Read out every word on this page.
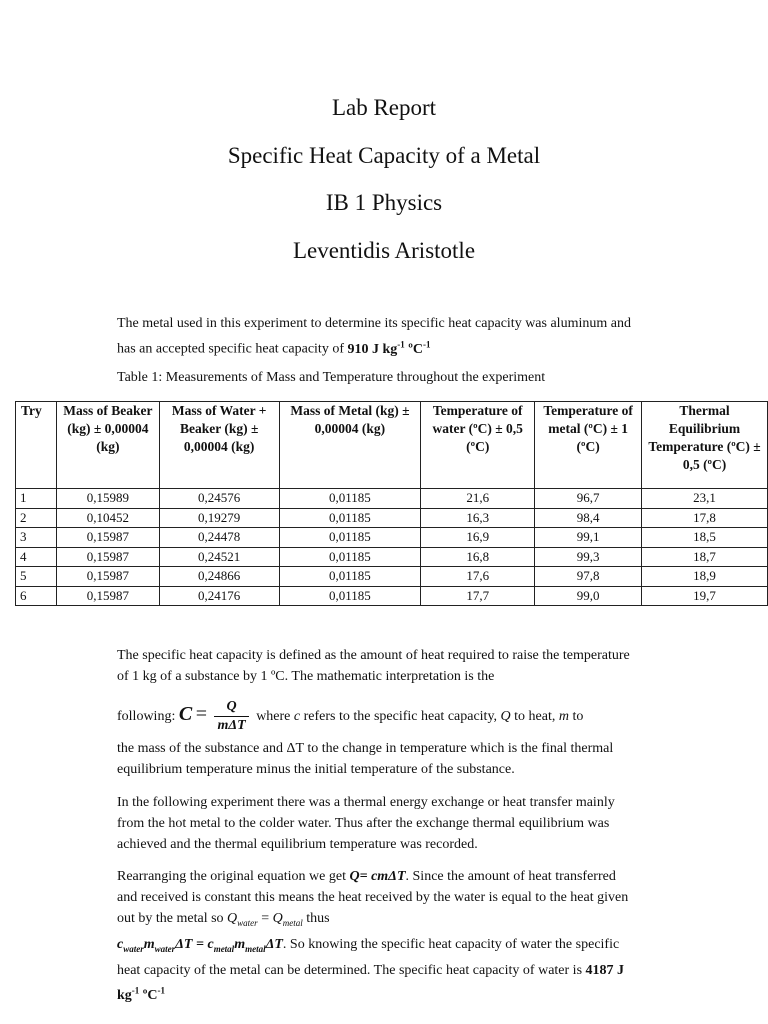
Lab Report
Specific Heat Capacity of a Metal
IB 1 Physics
Leventidis Aristotle
The metal used in this experiment to determine its specific heat capacity was aluminum and has an accepted specific heat capacity of 910 J $kg^{-1}$ ºC$^{-1}$
Table 1: Measurements of Mass and Temperature throughout the experiment
Try	Mass of Beaker (kg) ± 0,00004 (kg)	Mass of Water + Beaker (kg) ± 0,00004 (kg)	Mass of Metal (kg) ± 0,00004 (kg)	Temperature of water (ºC) ± 0,5 (ºC)	Temperature of metal (ºC) ± 1 (ºC)	Thermal Equilibrium Temperature (ºC) ± 0,5 (ºC)
1	0,15989	0,24576	0,01185	21,6	96,7	23,1
2	0,10452	0,19279	0,01185	16,3	98,4	17,8
3	0,15987	0,24478	0,01185	16,9	99,1	18,5
4	0,15987	0,24521	0,01185	16,8	99,3	18,7
5	0,15987	0,24866	0,01185	17,6	97,8	18,9
6	0,15987	0,24176	0,01185	17,7	99,0	19,7
The specific heat capacity is defined as the amount of heat required to raise the temperature of 1 kg of a substance by 1 ºC. The mathematic interpretation is the
following: $C = \frac{Q}{\text{mΔT}}$ where c refers to the specific heat capacity, Q to heat, m to
the mass of the substance and ΔT to the change in temperature which is the final thermal equilibrium temperature minus the initial temperature of the substance.
In the following experiment there was a thermal energy exchange or heat transfer mainly from the hot metal to the colder water. Thus after the exchange thermal equilibrium was achieved and the thermal equilibrium temperature was recorded.
Rearranging the original equation we get Q= cmΔT. Since the amount of heat transferred and received is constant this means the heat received by the water is equal to the heat given out by the metal so $Q_{water} = Q_{metal}$ thus
$c_{water}m_{water}\Delta T = c_{metal}m_{metal}\Delta T$. So knowing the specific heat capacity of water the specific heat capacity of the metal can be determined. The specific heat capacity of water is 4187 J $kg^{-1}$ ºC$^{-1}$
